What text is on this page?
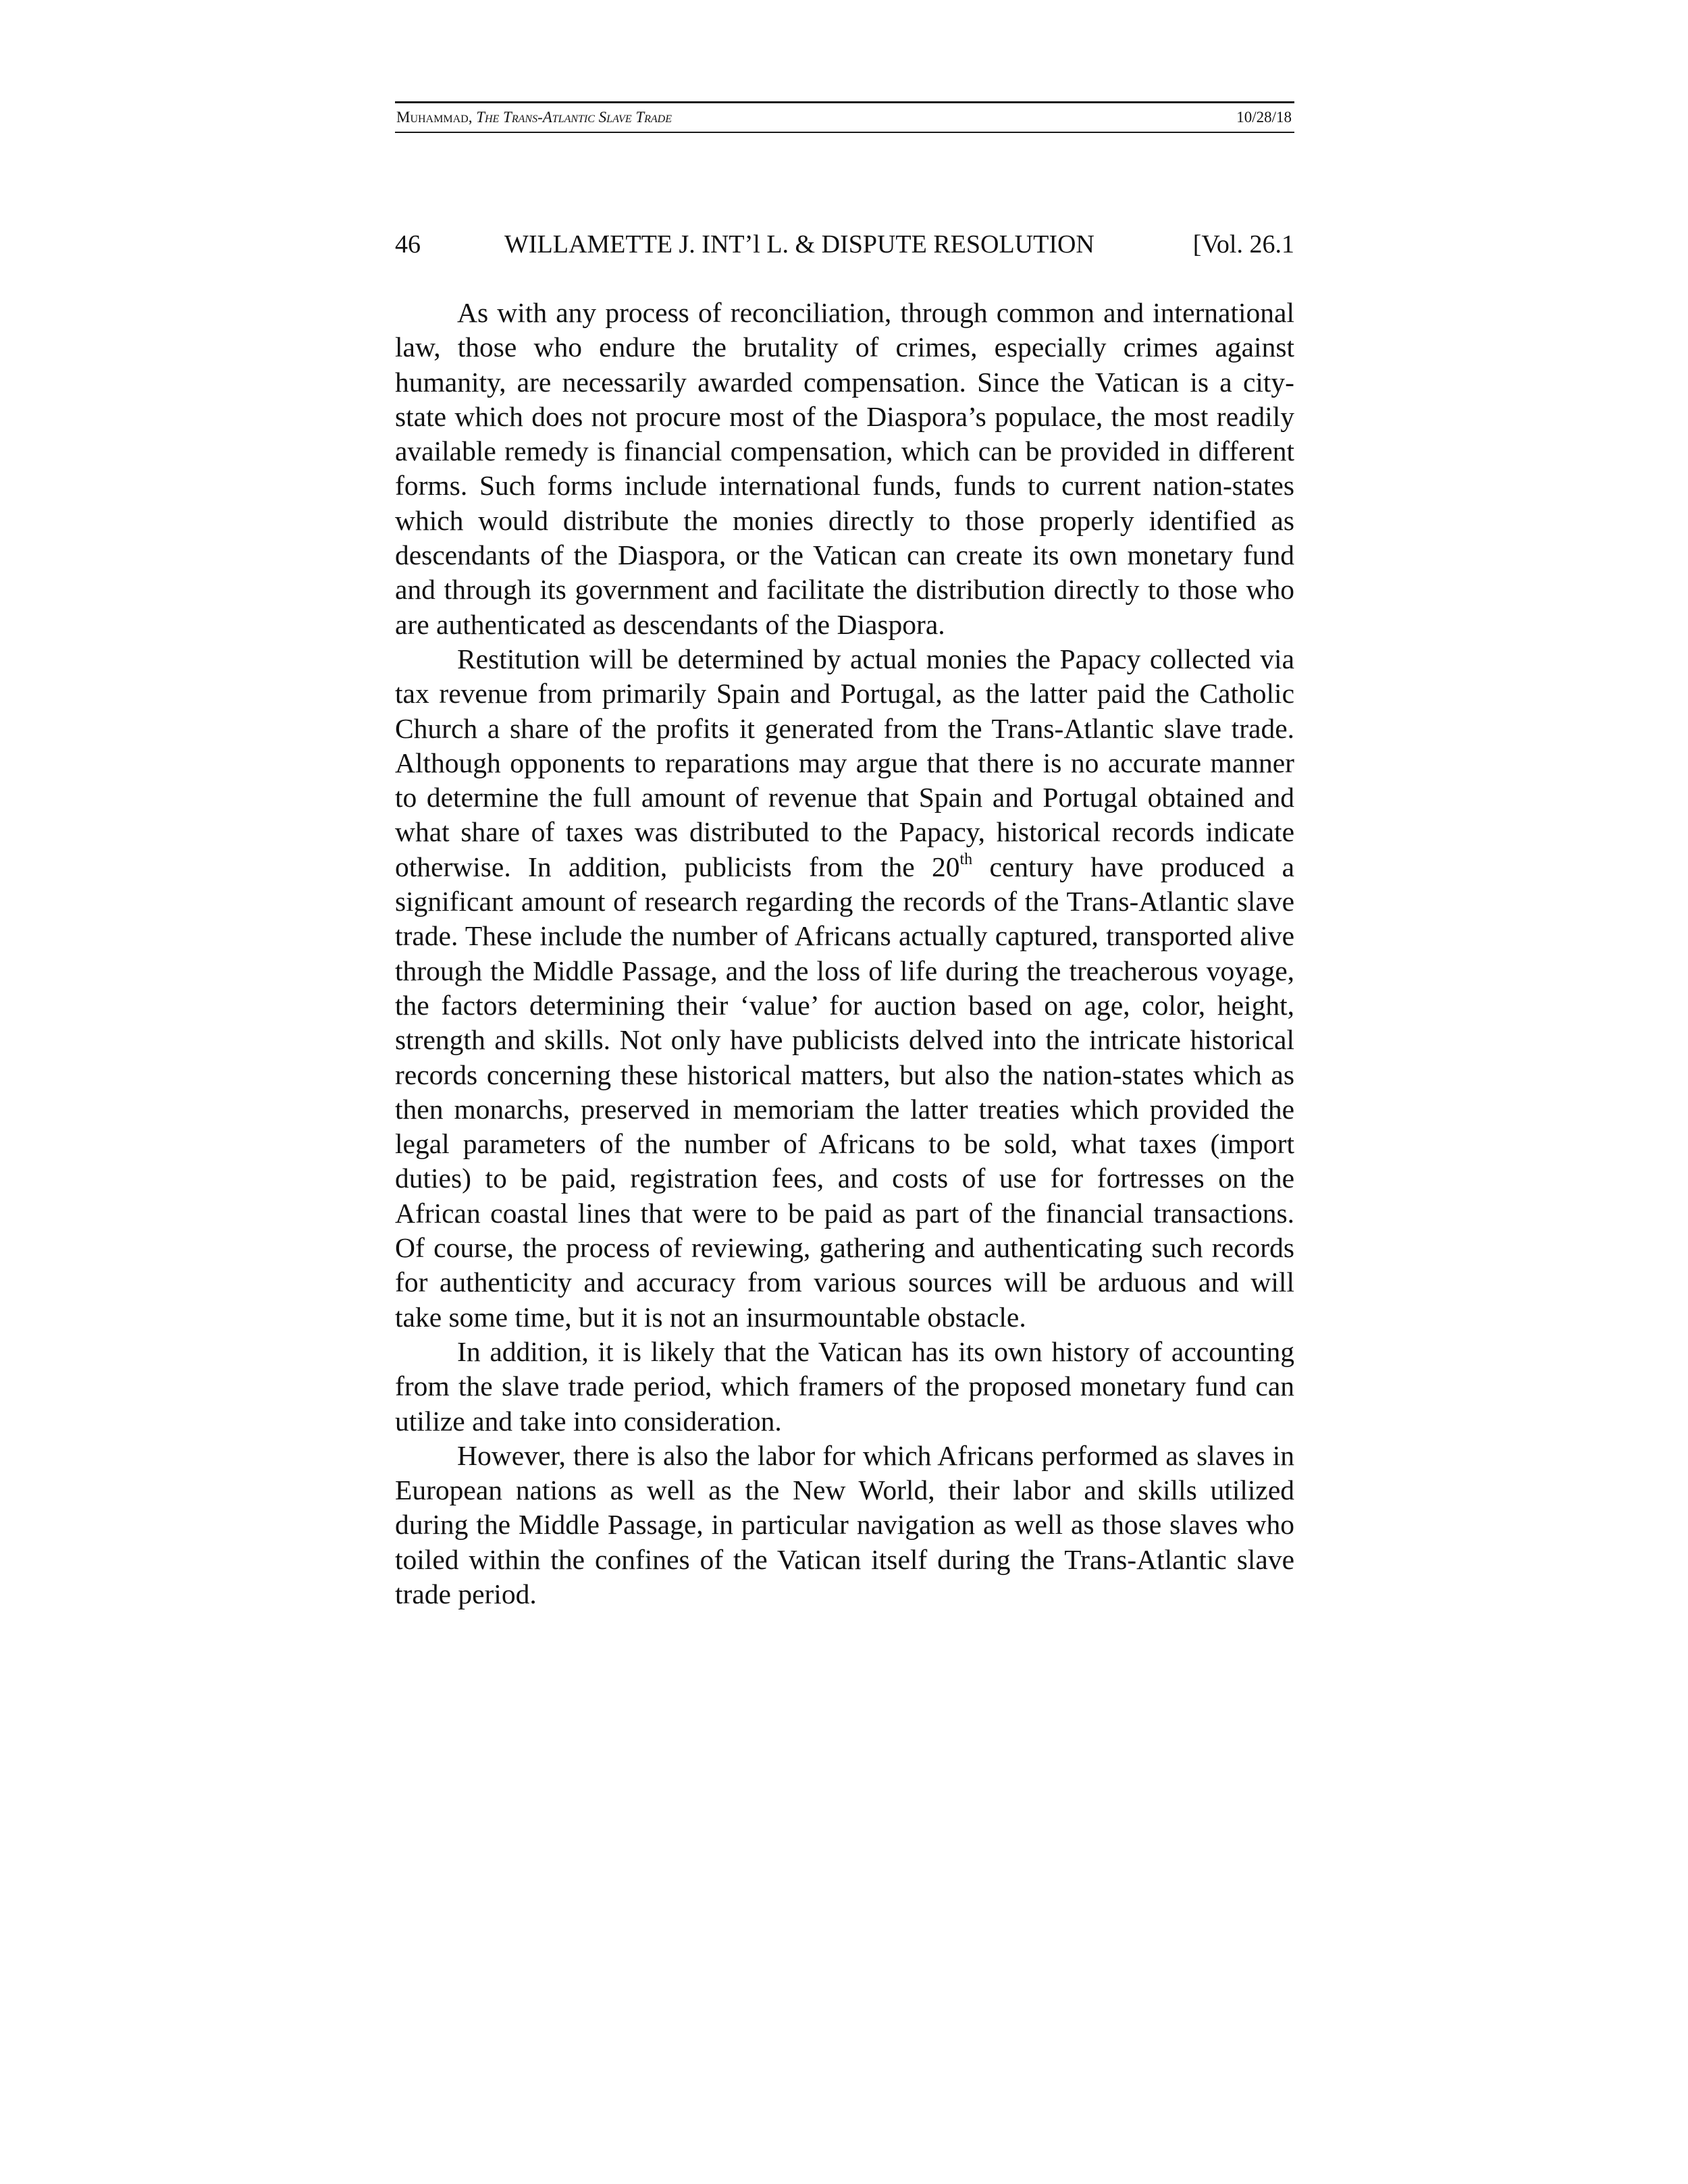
Muhammad, The Trans-Atlantic Slave Trade	10/28/18
46	WILLAMETTE J. INT’l L. & DISPUTE RESOLUTION	[Vol. 26.1

As with any process of reconciliation, through common and international law, those who endure the brutality of crimes, especially crimes against humanity, are necessarily awarded compensation. Since the Vatican is a city-state which does not procure most of the Diaspora’s populace, the most readily available remedy is financial compensation, which can be provided in different forms. Such forms include international funds, funds to current nation-states which would distribute the monies directly to those properly identified as descendants of the Diaspora, or the Vatican can create its own monetary fund and through its government and facilitate the distribution directly to those who are authenticated as descendants of the Diaspora.

Restitution will be determined by actual monies the Papacy collected via tax revenue from primarily Spain and Portugal, as the latter paid the Catholic Church a share of the profits it generated from the Trans-Atlantic slave trade. Although opponents to reparations may argue that there is no accurate manner to determine the full amount of revenue that Spain and Portugal obtained and what share of taxes was distributed to the Papacy, historical records indicate otherwise. In addition, publicists from the 20th century have produced a significant amount of research regarding the records of the Trans-Atlantic slave trade. These include the number of Africans actually captured, transported alive through the Middle Passage, and the loss of life during the treacherous voyage, the factors determining their ‘value’ for auction based on age, color, height, strength and skills. Not only have publicists delved into the intricate historical records concerning these historical matters, but also the nation-states which as then monarchs, preserved in memoriam the latter treaties which provided the legal parameters of the number of Africans to be sold, what taxes (import duties) to be paid, registration fees, and costs of use for fortresses on the African coastal lines that were to be paid as part of the financial transactions. Of course, the process of reviewing, gathering and authenticating such records for authenticity and accuracy from various sources will be arduous and will take some time, but it is not an insurmountable obstacle.

In addition, it is likely that the Vatican has its own history of accounting from the slave trade period, which framers of the proposed monetary fund can utilize and take into consideration.

However, there is also the labor for which Africans performed as slaves in European nations as well as the New World, their labor and skills utilized during the Middle Passage, in particular navigation as well as those slaves who toiled within the confines of the Vatican itself during the Trans-Atlantic slave trade period.
